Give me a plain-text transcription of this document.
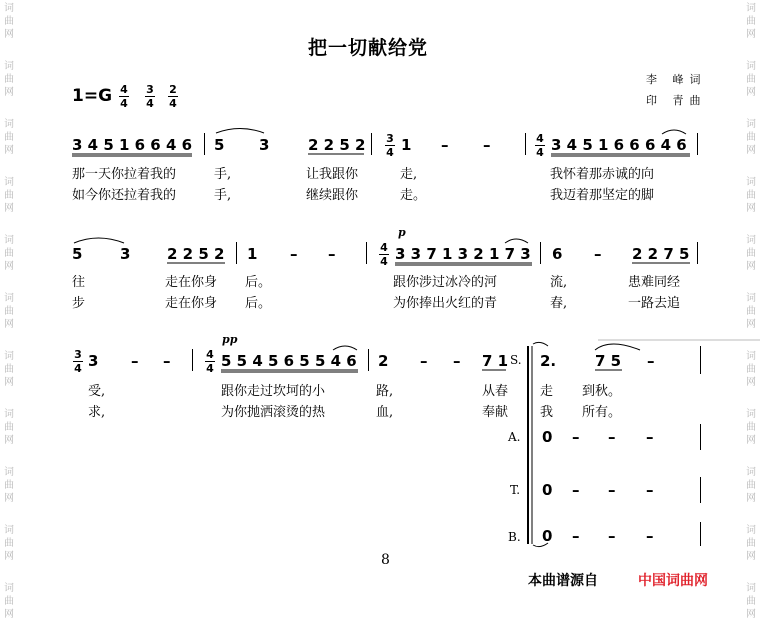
词
曲
网
词
曲
网
词
曲
网
词
曲
网
词
曲
网
词
曲
网
词
曲
网
词
曲
网
词
曲
网
词
曲
网
词
曲
网
词
曲
网
词
曲
网
词
曲
网
词
曲
网
词
曲
网
词
曲
网
词
曲
网
词
曲
网
词
曲
网
词
曲
网
词
曲
网
把一切献给党
李 峰词
印 青曲
$1=G \frac{4}{4} \frac{3}{4} \frac{2}{4}$
3 4 5 1 6 6 4 6 5 3	2 2 5 $2 \frac{3}{4} 1$ – –	$\frac{4}{4} 3$ 4 5 1 6 6 6 4 6
那一天你拉着我的	手,	让我跟你	走,	我怀着那赤诚的向
如今你还拉着我的	手,	继续跟你	走。	我迈着那坚定的脚
5	3 2 2 5 2 1 – –
p
$\frac{4}{4} 3$ 3 7 1 3 2 1 7 3 6 – 2 2 7 5
往	走在你身 后。	跟你涉过冰冷的河	流,	患难同经
步	走在你身 后。	为你捧出火红的青	春,	一路去追
$\frac{3}{4} 3$ – –
pp
$\frac{4}{4} 5$ 5 4 5 6 5 5 4 6 2 – – 7 1 S. 2.	7 5 –
受,	跟你走过坎坷的小	路,	从春 走 到秋。
求,	为你抛洒滚烫的热	血,	奉献 我 所有。
A. 0 – – –
T. 0 – – –
B. 0 – – –
8
本曲谱源自	中国词曲网
